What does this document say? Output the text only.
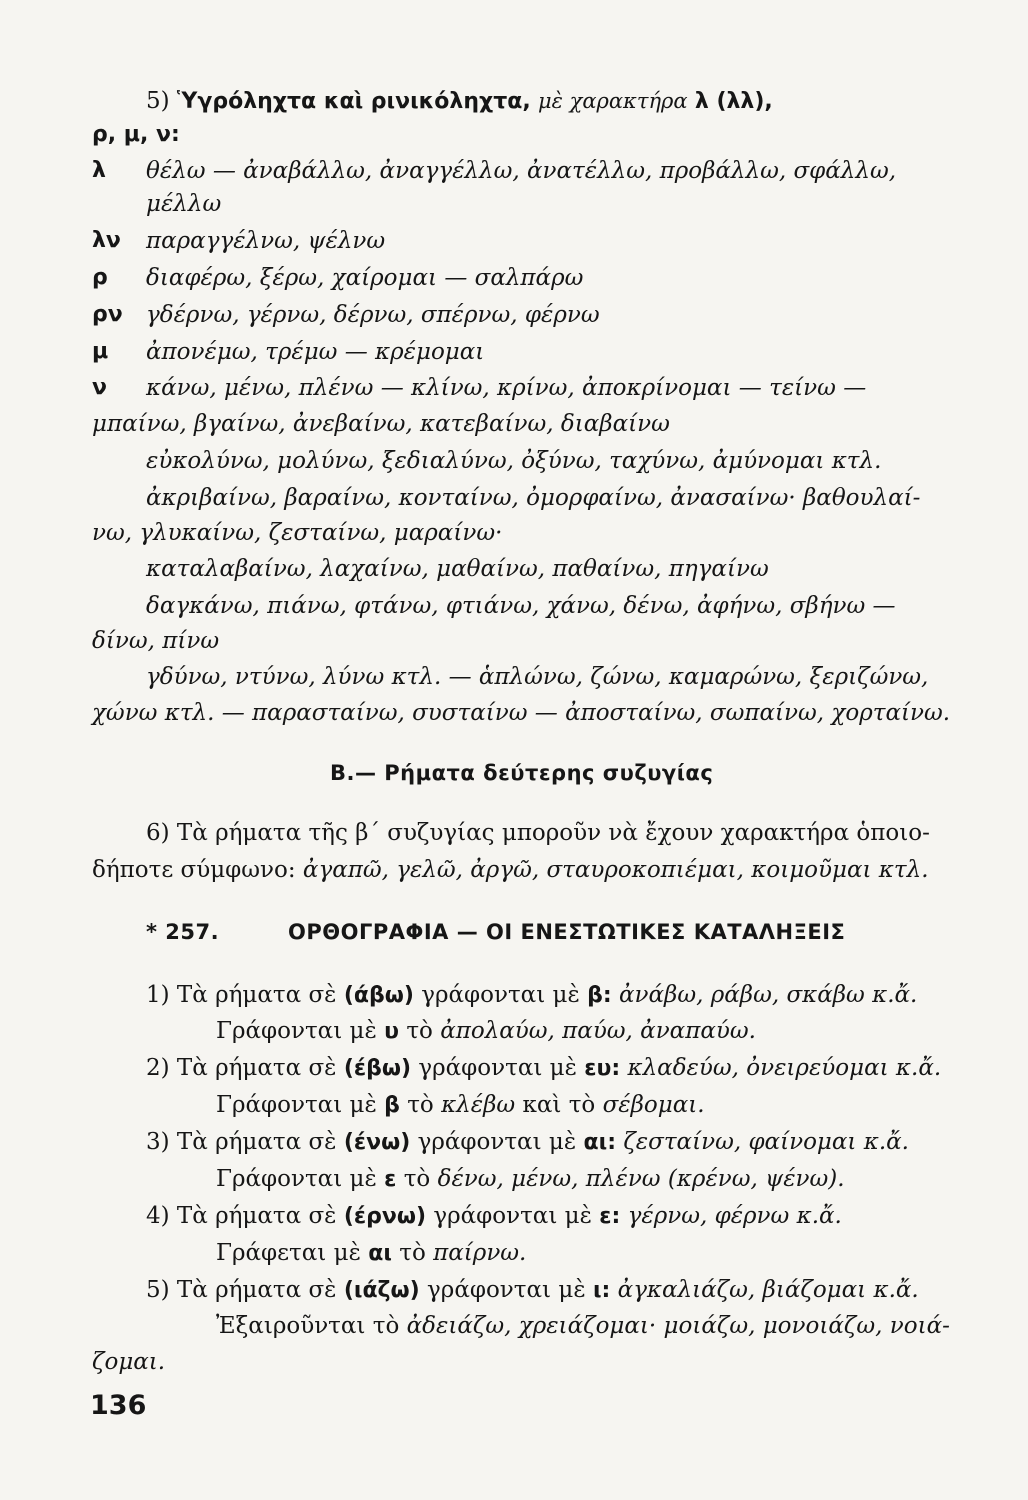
5) Ὑγρόληχτα καὶ ρινικόληχτα, μὲ χαρακτήρα λ (λλ),
ρ, μ, ν:
λ	θέλω — ἀναβάλλω, ἀναγγέλλω, ἀνατέλλω, προβάλλω, σφάλλω,
μέλλω
λν	παραγγέλνω, ψέλνω
ρ	διαφέρω, ξέρω, χαίρομαι — σαλπάρω
ρν	γδέρνω, γέρνω, δέρνω, σπέρνω, φέρνω
μ	ἀπονέμω, τρέμω — κρέμομαι
ν	κάνω, μένω, πλένω — κλίνω, κρίνω, ἀποκρίνομαι — τείνω —
μπαίνω, βγαίνω, ἀνεβαίνω, κατεβαίνω, διαβαίνω
εὐκολύνω, μολύνω, ξεδιαλύνω, ὀξύνω, ταχύνω, ἀμύνομαι κτλ.
ἀκριβαίνω, βαραίνω, κονταίνω, ὀμορφαίνω, ἀνασαίνω· βαθουλαί-
νω, γλυκαίνω, ζεσταίνω, μαραίνω·
καταλαβαίνω, λαχαίνω, μαθαίνω, παθαίνω, πηγαίνω
δαγκάνω, πιάνω, φτάνω, φτιάνω, χάνω, δένω, ἀφήνω, σβήνω —
δίνω, πίνω
γδύνω, ντύνω, λύνω κτλ. — ἁπλώνω, ζώνω, καμαρώνω, ξεριζώνω,
χώνω κτλ. — παρασταίνω, συσταίνω — ἀποσταίνω, σωπαίνω, χορταίνω.
Β.— Ρήματα δεύτερης συζυγίας
6) Τὰ ρήματα τῆς β΄ συζυγίας μποροῦν νὰ ἔχουν χαρακτήρα ὁποιο-
δήποτε σύμφωνο: ἀγαπῶ, γελῶ, ἀργῶ, σταυροκοπιέμαι, κοιμοῦμαι κτλ.
* 257.	ΟΡΘΟΓΡΑΦΙΑ — ΟΙ ΕΝΕΣΤΩΤΙΚΕΣ ΚΑΤΑΛΗΞΕΙΣ
1) Τὰ ρήματα σὲ (άβω) γράφονται μὲ β: ἀνάβω, ράβω, σκάβω κ.ἄ.
Γράφονται μὲ υ τὸ ἀπολαύω, παύω, ἀναπαύω.
2) Τὰ ρήματα σὲ (έβω) γράφονται μὲ ευ: κλαδεύω, ὀνειρεύομαι κ.ἄ.
Γράφονται μὲ β τὸ κλέβω καὶ τὸ σέβομαι.
3) Τὰ ρήματα σὲ (ένω) γράφονται μὲ αι: ζεσταίνω, φαίνομαι κ.ἄ.
Γράφονται μὲ ε τὸ δένω, μένω, πλένω (κρένω, ψένω).
4) Τὰ ρήματα σὲ (έρνω) γράφονται μὲ ε: γέρνω, φέρνω κ.ἄ.
Γράφεται μὲ αι τὸ παίρνω.
5) Τὰ ρήματα σὲ (ιάζω) γράφονται μὲ ι: ἀγκαλιάζω, βιάζομαι κ.ἄ.
Ἐξαιροῦνται τὸ ἀδειάζω, χρειάζομαι· μοιάζω, μονοιάζω, νοιά-
ζομαι.
136
